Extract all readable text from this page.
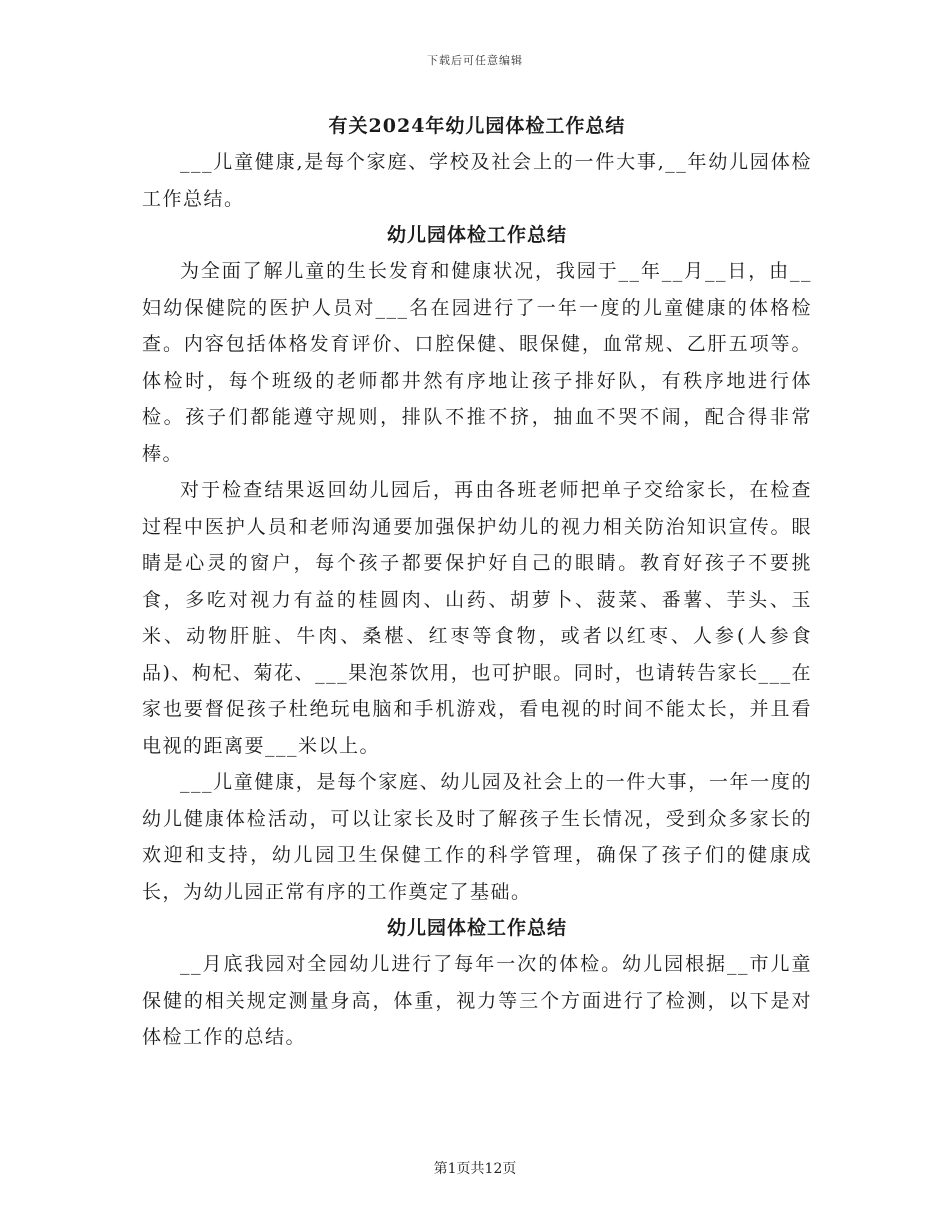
下载后可任意编辑
有关2024年幼儿园体检工作总结

___儿童健康,是每个家庭、学校及社会上的一件大事,__年幼儿园体检工作总结。

幼儿园体检工作总结

为全面了解儿童的生长发育和健康状况，我园于__年__月__日，由__妇幼保健院的医护人员对___名在园进行了一年一度的儿童健康的体格检查。内容包括体格发育评价、口腔保健、眼保健，血常规、乙肝五项等。体检时，每个班级的老师都井然有序地让孩子排好队，有秩序地进行体检。孩子们都能遵守规则，排队不推不挤，抽血不哭不闹，配合得非常棒。

对于检查结果返回幼儿园后，再由各班老师把单子交给家长，在检查过程中医护人员和老师沟通要加强保护幼儿的视力相关防治知识宣传。眼睛是心灵的窗户，每个孩子都要保护好自己的眼睛。教育好孩子不要挑食，多吃对视力有益的桂圆肉、山药、胡萝卜、菠菜、番薯、芋头、玉米、动物肝脏、牛肉、桑椹、红枣等食物，或者以红枣、人参(人参食品)、枸杞、菊花、___果泡茶饮用，也可护眼。同时，也请转告家长___在家也要督促孩子杜绝玩电脑和手机游戏，看电视的时间不能太长，并且看电视的距离要___米以上。

___儿童健康，是每个家庭、幼儿园及社会上的一件大事，一年一度的幼儿健康体检活动，可以让家长及时了解孩子生长情况，受到众多家长的欢迎和支持，幼儿园卫生保健工作的科学管理，确保了孩子们的健康成长，为幼儿园正常有序的工作奠定了基础。

幼儿园体检工作总结

__月底我园对全园幼儿进行了每年一次的体检。幼儿园根据__市儿童保健的相关规定测量身高，体重，视力等三个方面进行了检测，以下是对体检工作的总结。

第1页共12页
